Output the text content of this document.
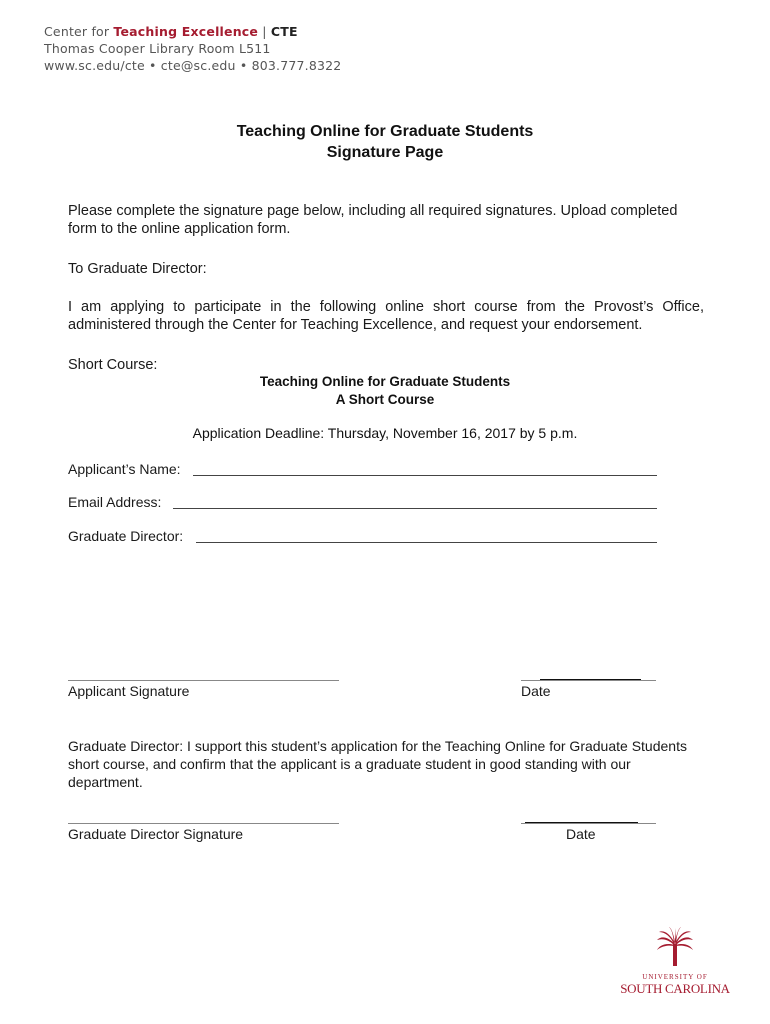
Center for Teaching Excellence | CTE
Thomas Cooper Library Room L511
www.sc.edu/cte • cte@sc.edu • 803.777.8322
Teaching Online for Graduate Students
Signature Page
Please complete the signature page below, including all required signatures. Upload completed form to the online application form.
To Graduate Director:
I am applying to participate in the following online short course from the Provost’s Office, administered through the Center for Teaching Excellence, and request your endorsement.
Short Course:
Teaching Online for Graduate Students
A Short Course
Application Deadline: Thursday, November 16, 2017 by 5 p.m.
Applicant’s Name:
Email Address:
Graduate Director:
Applicant Signature	Date
Graduate Director: I support this student’s application for the Teaching Online for Graduate Students short course, and confirm that the applicant is a graduate student in good standing with our department.
Graduate Director Signature	Date
UNIVERSITY OF
SOUTH CAROLINA
